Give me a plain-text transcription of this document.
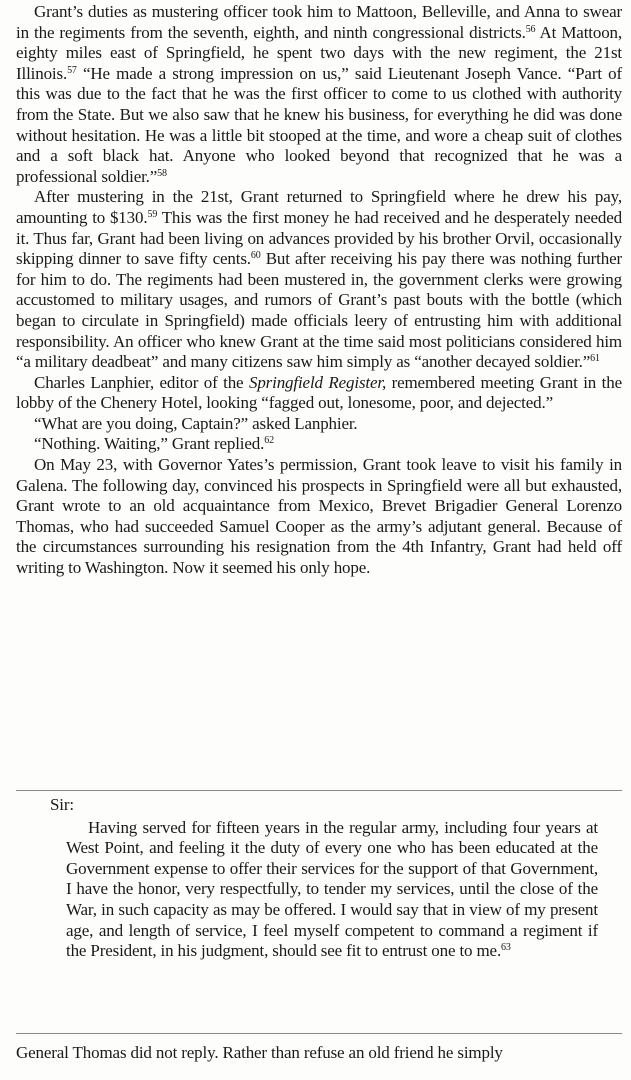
Grant’s duties as mustering officer took him to Mattoon, Belleville, and Anna to swear in the regiments from the seventh, eighth, and ninth congressional districts.$^{56}$ At Mattoon, eighty miles east of Springfield, he spent two days with the new regiment, the 21st Illinois.$^{57}$ “He made a strong impression on us,” said Lieutenant Joseph Vance. “Part of this was due to the fact that he was the first officer to come to us clothed with authority from the State. But we also saw that he knew his business, for everything he did was done without hesitation. He was a little bit stooped at the time, and wore a cheap suit of clothes and a soft black hat. Anyone who looked beyond that recognized that he was a professional soldier.”$^{58}$

After mustering in the 21st, Grant returned to Springfield where he drew his pay, amounting to $130.59 This was the first money he had received and he desperately needed it. Thus far, Grant had been living on advances provided by his brother Orvil, occasionally skipping dinner to save fifty cents.$^{60}$ But after receiving his pay there was nothing further for him to do. The regiments had been mustered in, the government clerks were growing accustomed to military usages, and rumors of Grant’s past bouts with the bottle (which began to circulate in Springfield) made officials leery of entrusting him with additional responsibility. An officer who knew Grant at the time said most politicians considered him “a military deadbeat” and many citizens saw him simply as “another decayed soldier.”$^{61}$

Charles Lanphier, editor of the Springfield Register, remembered meeting Grant in the lobby of the Chenery Hotel, looking “fagged out, lonesome, poor, and dejected.”

“What are you doing, Captain?” asked Lanphier.

“Nothing. Waiting,” Grant replied.$^{62}$

On May 23, with Governor Yates’s permission, Grant took leave to visit his family in Galena. The following day, convinced his prospects in Springfield were all but exhausted, Grant wrote to an old acquaintance from Mexico, Brevet Brigadier General Lorenzo Thomas, who had succeeded Samuel Cooper as the army’s adjutant general. Because of the circumstances surrounding his resignation from the 4th Infantry, Grant had held off writing to Washington. Now it seemed his only hope.

Sir:
Having served for fifteen years in the regular army, including four years at West Point, and feeling it the duty of every one who has been educated at the Government expense to offer their services for the support of that Government, I have the honor, very respectfully, to tender my services, until the close of the War, in such capacity as may be offered. I would say that in view of my present age, and length of service, I feel myself competent to command a regiment if the President, in his judgment, should see fit to entrust one to me.$^{63}$
General Thomas did not reply. Rather than refuse an old friend he simply
